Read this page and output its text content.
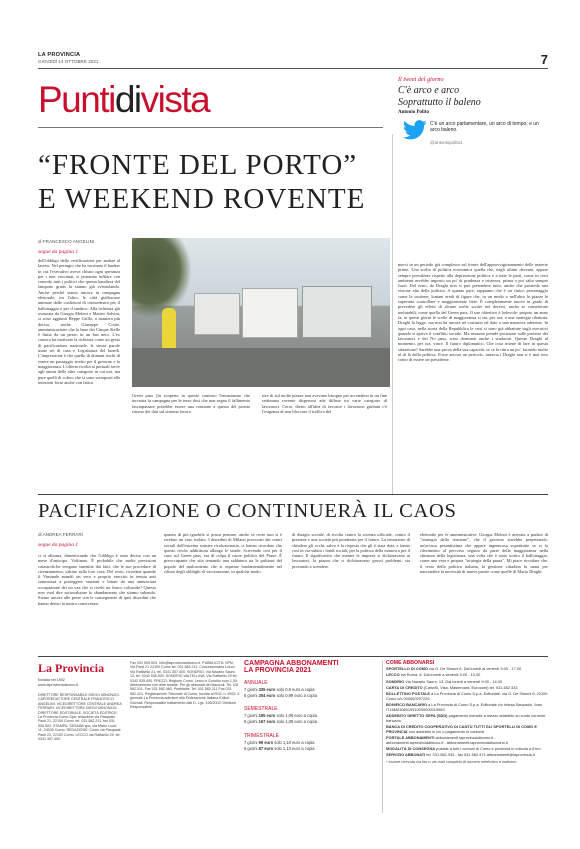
LA PROVINCIA
GIOVEDÌ 14 OTTOBRE 2021	7
Puntidivista	Il tweet del giorno
C'è arco e arco
Soprattutto il baleno
Antonio Polito
C'è un arco parlamentare, un arco di tempo, e un arco baleno.
@antoniopolito1
“FRONTE DEL PORTO”
E WEEKEND ROVENTE
di FRANCESCO ANGELINI
segue da pagina 1
dell'obbligo della certificazione per andare al lavoro. Nel pertugio che ha incrinato il bunker in cui l'esecutivo aveva chiuso ogni speranza per i non vaccinati, si potranno infilare con comodo tutti i politici che questa bandiera del lampone gratis la stanno già sventolando. Anche perché siamo ancora in campagna elettorale, tra l'altro, le città giallorosse animate dalle coalizioni di centrodestra per il ballottaggio e per il sindaco. Alla richiesta già avanzata da Giorgia Meloni e Matteo Salvini, si sono aggiunti Beppe Grillo, a maniera più decisa, anche Giuseppe Conte, amministrazione che la base dei Cinque Stelle è finita da un pezzo in un bus nero. L'ex comico ha motivato la richiesta come un gesto di pacificazione nazionale, le stesse parole usate sei di casa e Legislatura del lunedì. L'impressione è che quello di domani rischi di essere un passaggio stretto per il governo e la maggioranza. L'offerta rivolta ai portuali serve agli animi delle altre categorie in cui noi, ma pure quelli di coloro che si sono sottoposti alle iniezioni forse anche con fatica.
Green pass (fu scoperto in questo contesto l'entusiasmo che incontra la campagna per le terze dosi che non segna il fallimento lasciapassare potrebbe essere una reazione a questa del pronto ritorno dei dati sul sistema lavoro.
tore di sul molte piazze non avevano bisogno per accendersi in un fine settimana rovente dispersosi ade diffuse tra varie categorie di lavoratori. Certo, dietro all'idea di favorire i lavoratori giuliani c'è l'esigenza di non bloccare il traffico del
merci in un periodo già complesso sul fronte dell'approvvigionamento delle materie prime. Una scelta di politica economica quella che, negli ultimi decenni, appare sempre prevalente rispetto alla depressione politica e a tutte le parti, come in certi ambienti avrebbe imposto un po' di prudenza e tristezza, prima o poi salta sempre fuori. Del resto, da Draghi non si può pretendere tutto, anche che possieda una visione alta della politica. A quanto pare, sappiamo che è un cinico personaggio come la sostiene, lontani eredi di figure che, in un modo o nell'altro le piazze le sapevano controllare e maggiormente fatte. È completamente nuovo in grado di prevedere gli effetti di alcune scelte scritte nei decreti, anche se considerate inelutabili, come quella del Green pass. Il suo obiettivo è lodevole: proprio un anno fa, in questi giorni le scelte di maggioranza si sta, per ora, a una strategia ribattuta. Draghi la legge, ma non ha ancora né costruito né dato a una manovra aderente. In ogni caso, nella storia della Repubblica le crisi si sono già abbattute sugli esecutivi quando si apriva il conflitto sociale. Ma nessuno prende posizione sulle proteste dei lavoratori e dei No pass, sono dominati anche i sindacati. Questo Draghi al momento, per ora, vince. Il futuro diplomatico. Che cosa ritiene di fare in questa situazione? Sarebbe una prova della sua capacità, se ce la ritira un po', facendo molto al di là della politica. Forse ancora un pericolo, tuttavia i Draghi non si è mai reso conto di essere un presidente.
PACIFICAZIONE O CONTINUERÀ IL CAOS
di ANDREA FERRARI
segue da pagina 1
ci si allarma, dimenticando che l'obbligo è stato deciso con un mese d'anticipo. Voltiamo. È probabile che molte previsioni catastrofiche vengano smentite dai fatti, che le sue procedure di cirenziamento, saltino sulla loro cosa. Del resto, ricordate quando il Viminale mandò un vero e proprio esercito in tenuta anti sommossa a proteggere stazioni e binari da una annunciata occupazione dei no vax che si rivelò un fiasco colossale? Questo non vuol dire sottovalutare lo sbandamento che stiamo subendo. Siamo ancora alle prese con le conseguenze di quei disordini che hanno deriso la nostra convivenza.
quanto di più ignobile si possa pensare, anche se certo non si è rivelato un caso isolato. I disordini di Milano provocati dai centri sociali dell'estrema sinistra rivoluzionaria, ci hanno ricordato che questo rivolo addirittura allungo le strade. Scrivendo così per il caos sul Green pass, era di colpa il cuore politico del Paese. È preoccupante che stia tentando una saldatura tra le pulsioni del popolo del malcontento che si esprime fondamentalmente nel rifiuto degli obblighi di vaccinazione, in qualche modo.
di disagio sociale, di rivolta contro la scienza ufficiale, contro il presente e una società più ponderata per il futuro. La tentazione di chiudere gli occhi, salvo è la risposta che gli è stata data, e fanno così in via subito i fondi sociali, per la politica della manovra per il futuro. Il significativo che mentre le imprese si dichiaravano ai lavoratori, la piazza che ci dichiaravano grossi problemi, sta provando a scendere.
elettorale per le amministrative. Giorgia Meloni è arrivata a parlare di "strategia della tensione", che il governo starebbe perpetrando: un'accusa pesantissima che appare ingenerosa soprattutto se si fa riferimento al percorso seguito da parte della maggioranza nella chiusura della legislatura, una volta che è stato scritto il ballottaggio, come una vera e propria "strategia della paura". Mi piace ricordare che, il resto della politica italiana, la gestione cittadina fu usata per nascondere la necessità di nuove parole come quelle di Mario Draghi.
La Provincia
fondata nel 1892
www.laprovinciadicomo.it
DIRETTORE RESPONSABILE DIEGO MINONZIO. CAPOREDATTORE CENTRALE FRANCESCO ANGELINI. VICEDIRETTORE CENTRALE ANDREA FERRARI. VICEDIRETTORE DIEGO MINONZIO. DIRETTORE EDITORIALE. SOCIETÀ EDITRICE: La Provincia Como Spa, redazione via Pasquale Paoli 21, 22100 Como, tel. 031 582.211, fax 031 505.503. STAMPA: SESAAB spa, via Mario Luzzi 11, 24035 Curno. REDAZIONE: Como via Pasquale Paoli 21, 22100 Como. LECCO via Raffaello 29, tel. 0341 357.400.
Fax 031 505.503. Info@laprovinciadicomo.it. PUBBLICITÀ: SPM, Via Paoli 21 22100 Como tel. 031 582.211. Concessionaria Lecco: Via Raffaello 21, tel. 0341 357.400. SONDRIO: Via Nazario Sauro 13, tel. 0342 535.500. SONDRIO VALTELLINA: Via Raffaello 29 tel. 0342 535.400. PREZZI: Regione Como, Lecco e Sondrio euro 1,50. Abbinamento con altre testate. Per gli abbonati dei fascicoli. Tel. 031 582.311. Fax 031 582.460. Pubblicità: Tel. 031 582.211 Fax 031 582.421. Registrazione Tribunale di Como. Iscritta al ROC n. 6932. Il giornale La Provincia aderisce alla Federazione Italiana Editori Giornali. Responsabile trattamento dati D. Lgs. 196/2003: Direttore Responsabile.
CAMPAGNA ABBONAMENTI
LA PROVINCIA 2021
ANNUALE
7 giorni 335 euro solo 0,9 euro a copia
6 giorni 304 euro solo 0,99 euro a copia
SEMESTRALE
7 giorni 195 euro solo 1,08 euro a copia
6 giorni 167 euro solo 1,08 euro a copia
TRIMESTRALE
7 giorni 99 euro solo 1,10 euro a copia
6 giorni 87 euro solo 1,13 euro a copia
COME ABBONARSI
SPORTELLO DI COMO via G. De Simoni 6. Dal lunedì al venerdì 9.00 - 17.00
LECCO via Roma, 6. Dal lunedì a venerdì 9.00 - 13.00
SONDRIO Via Nazario Sauro, 13. Dal lunedì a venerdì 9.00 - 14.00
CARTA DI CREDITO (CartaSi, Visa, Mastercard, Eurocard) tel. 031.582.333
BOLLETTINO POSTALE a La Provincia di Como S.p.a. Editoriale, via G. De Simoni 6, 22100 Como c/c 000000297226
BONIFICO BANCARIO a La Provincia di Como S.p.a. Editoriale c/c Intesa Sanpaolo, Iban IT16M0306910910000000015963
ADDEBITO DIRETTO SEPA (SDD) pagamento mensile a mezzo addebito su conto corrente bancario
BANCA DI CREDITO COOPERATIVO DI CANTÙ TUTTI GLI SPORTELLI DI COMO E PROVINCIA con addebito in c/c o pagamento in contanti
PORTALE ABBONAMENTI abbonamenti.laprovinciadicomo.it - abbonamenti.laprovinciadilecco.it - abbonamenti.laprovinciadisondrio.it
MODALITÀ DI CONSEGNA postale a tutti i comuni di Como e provincia in edicola a 8 km
SERVIZIO ABBONATI tel. 031.582.333 - fax 031.582.471 abbonamenti@laprovincia.it
* Inviare ricevuta via fax o via mail completa di numero telefonico e indirizzo
